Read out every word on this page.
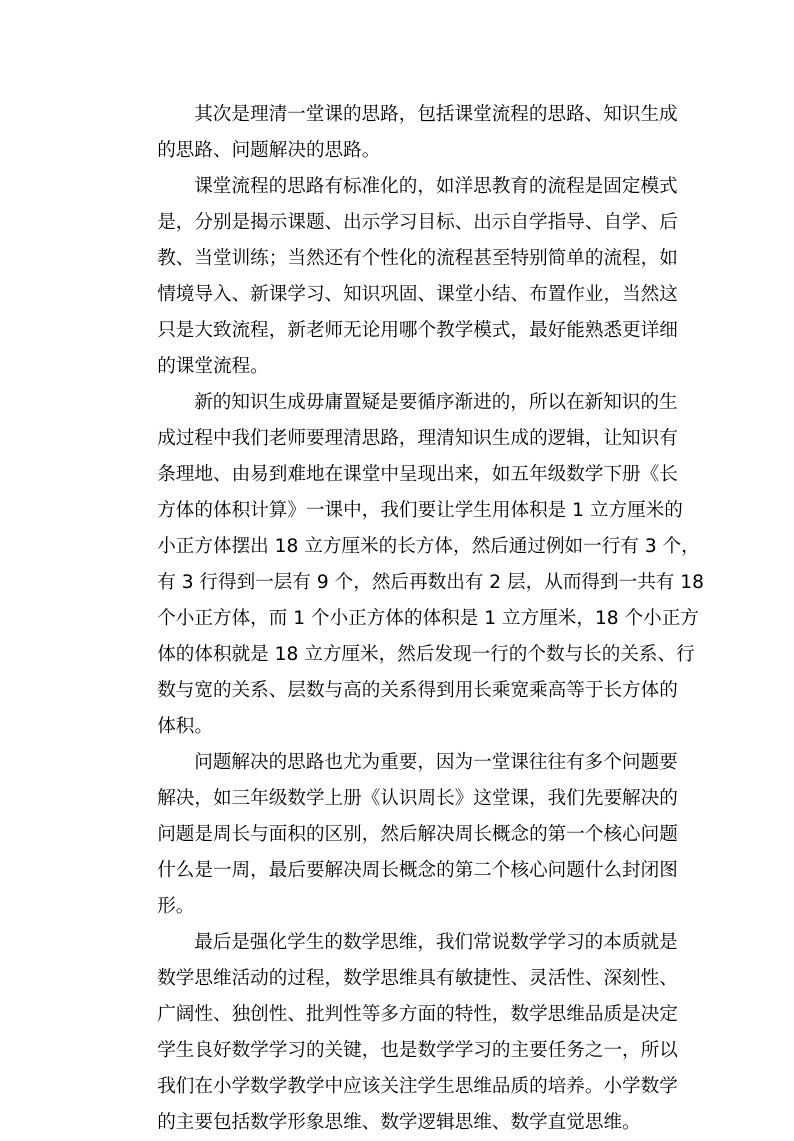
其次是理清一堂课的思路，包括课堂流程的思路、知识生成
的思路、问题解决的思路。
课堂流程的思路有标准化的，如洋思教育的流程是固定模式
是，分别是揭示课题、出示学习目标、出示自学指导、自学、后
教、当堂训练；当然还有个性化的流程甚至特别简单的流程，如
情境导入、新课学习、知识巩固、课堂小结、布置作业，当然这
只是大致流程，新老师无论用哪个教学模式，最好能熟悉更详细
的课堂流程。
新的知识生成毋庸置疑是要循序渐进的，所以在新知识的生
成过程中我们老师要理清思路，理清知识生成的逻辑，让知识有
条理地、由易到难地在课堂中呈现出来，如五年级数学下册《长
方体的体积计算》一课中，我们要让学生用体积是 1 立方厘米的
小正方体摆出 18 立方厘米的长方体，然后通过例如一行有 3 个，
有 3 行得到一层有 9 个，然后再数出有 2 层，从而得到一共有 18
个小正方体，而 1 个小正方体的体积是 1 立方厘米，18 个小正方
体的体积就是 18 立方厘米，然后发现一行的个数与长的关系、行
数与宽的关系、层数与高的关系得到用长乘宽乘高等于长方体的
体积。
问题解决的思路也尤为重要，因为一堂课往往有多个问题要
解决，如三年级数学上册《认识周长》这堂课，我们先要解决的
问题是周长与面积的区别，然后解决周长概念的第一个核心问题
什么是一周，最后要解决周长概念的第二个核心问题什么封闭图
形。
最后是强化学生的数学思维，我们常说数学学习的本质就是
数学思维活动的过程，数学思维具有敏捷性、灵活性、深刻性、
广阔性、独创性、批判性等多方面的特性，数学思维品质是决定
学生良好数学学习的关键，也是数学学习的主要任务之一，所以
我们在小学数学教学中应该关注学生思维品质的培养。小学数学
的主要包括数学形象思维、数学逻辑思维、数学直觉思维。
